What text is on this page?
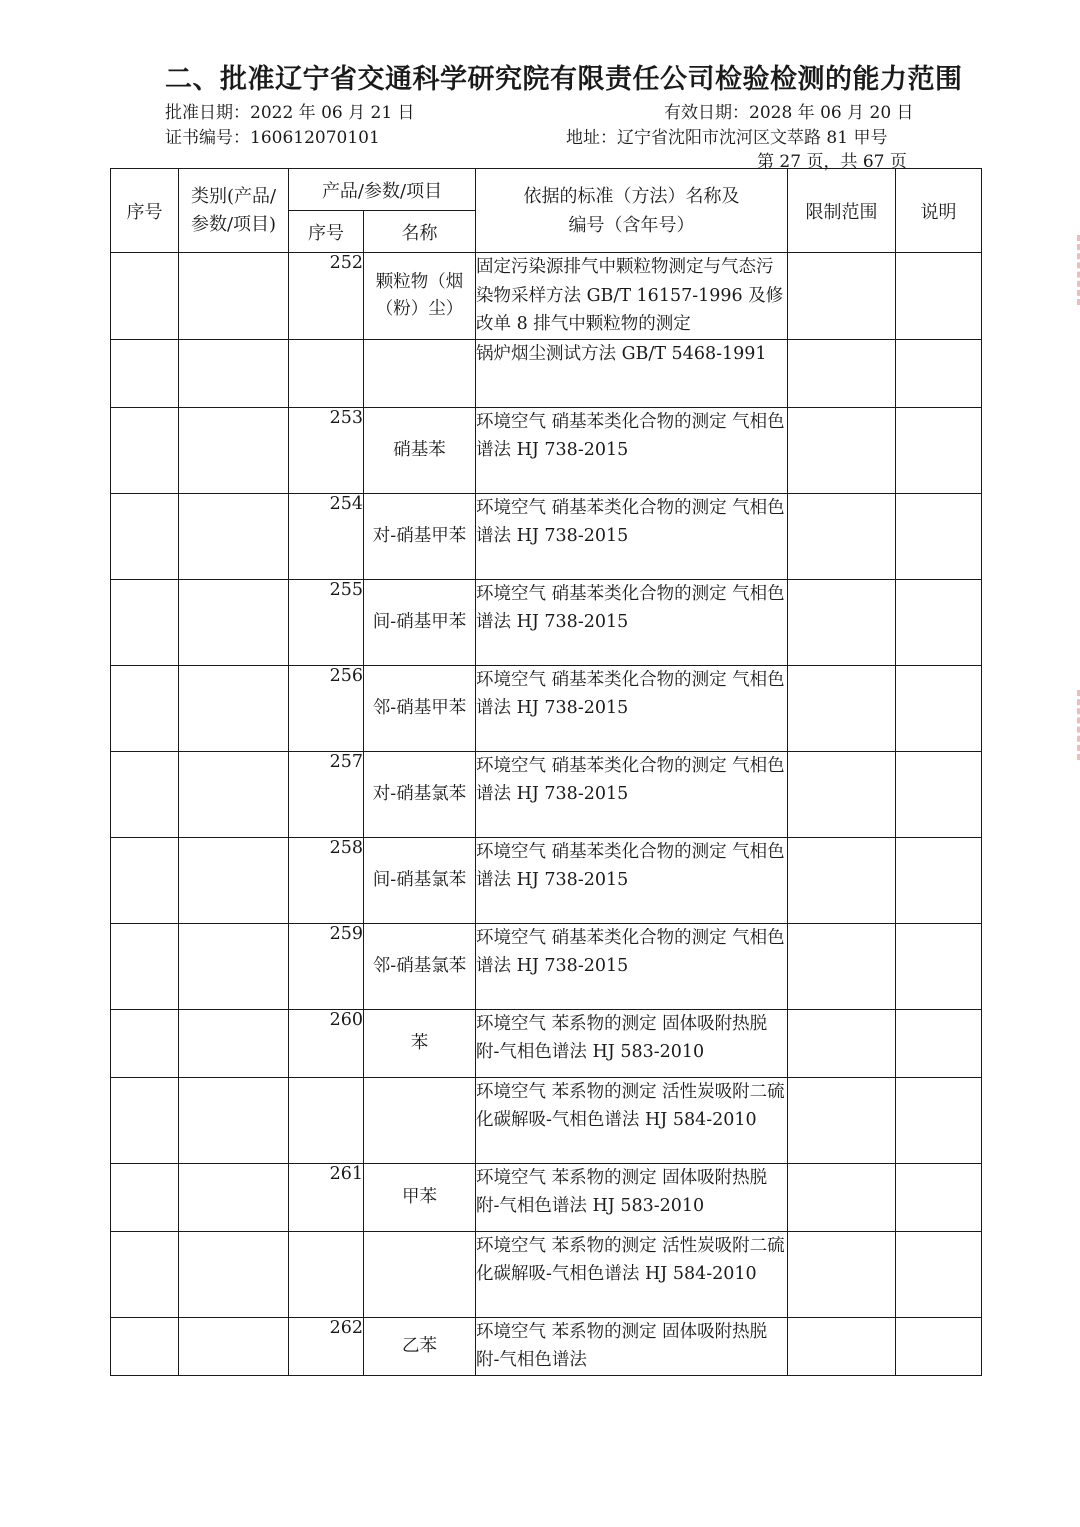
二、批准辽宁省交通科学研究院有限责任公司检验检测的能力范围
批准日期：2022 年 06 月 21 日	有效日期：2028 年 06 月 20 日
证书编号：160612070101	地址：辽宁省沈阳市沈河区文萃路 81 甲号
第 27 页，共 67 页
序号	类别(产品/参数/项目)	产品/参数/项目		依据的标准（方法）名称及编号（含年号）	限制范围	说明
		序号	名称			
		252	颗粒物（烟（粉）尘）	固定污染源排气中颗粒物测定与气态污染物采样方法 GB/T 16157-1996 及修改单 8 排气中颗粒物的测定		
				锅炉烟尘测试方法 GB/T 5468-1991		
		253	硝基苯	环境空气 硝基苯类化合物的测定 气相色谱法 HJ 738-2015		
		254	对-硝基甲苯	环境空气 硝基苯类化合物的测定 气相色谱法 HJ 738-2015		
		255	间-硝基甲苯	环境空气 硝基苯类化合物的测定 气相色谱法 HJ 738-2015		
		256	邻-硝基甲苯	环境空气 硝基苯类化合物的测定 气相色谱法 HJ 738-2015		
		257	对-硝基氯苯	环境空气 硝基苯类化合物的测定 气相色谱法 HJ 738-2015		
		258	间-硝基氯苯	环境空气 硝基苯类化合物的测定 气相色谱法 HJ 738-2015		
		259	邻-硝基氯苯	环境空气 硝基苯类化合物的测定 气相色谱法 HJ 738-2015		
		260	苯	环境空气 苯系物的测定 固体吸附热脱附-气相色谱法 HJ 583-2010		
				环境空气 苯系物的测定 活性炭吸附二硫化碳解吸-气相色谱法 HJ 584-2010		
		261	甲苯	环境空气 苯系物的测定 固体吸附热脱附-气相色谱法 HJ 583-2010		
				环境空气 苯系物的测定 活性炭吸附二硫化碳解吸-气相色谱法 HJ 584-2010		
		262	乙苯	环境空气 苯系物的测定 固体吸附热脱附-气相色谱法		
